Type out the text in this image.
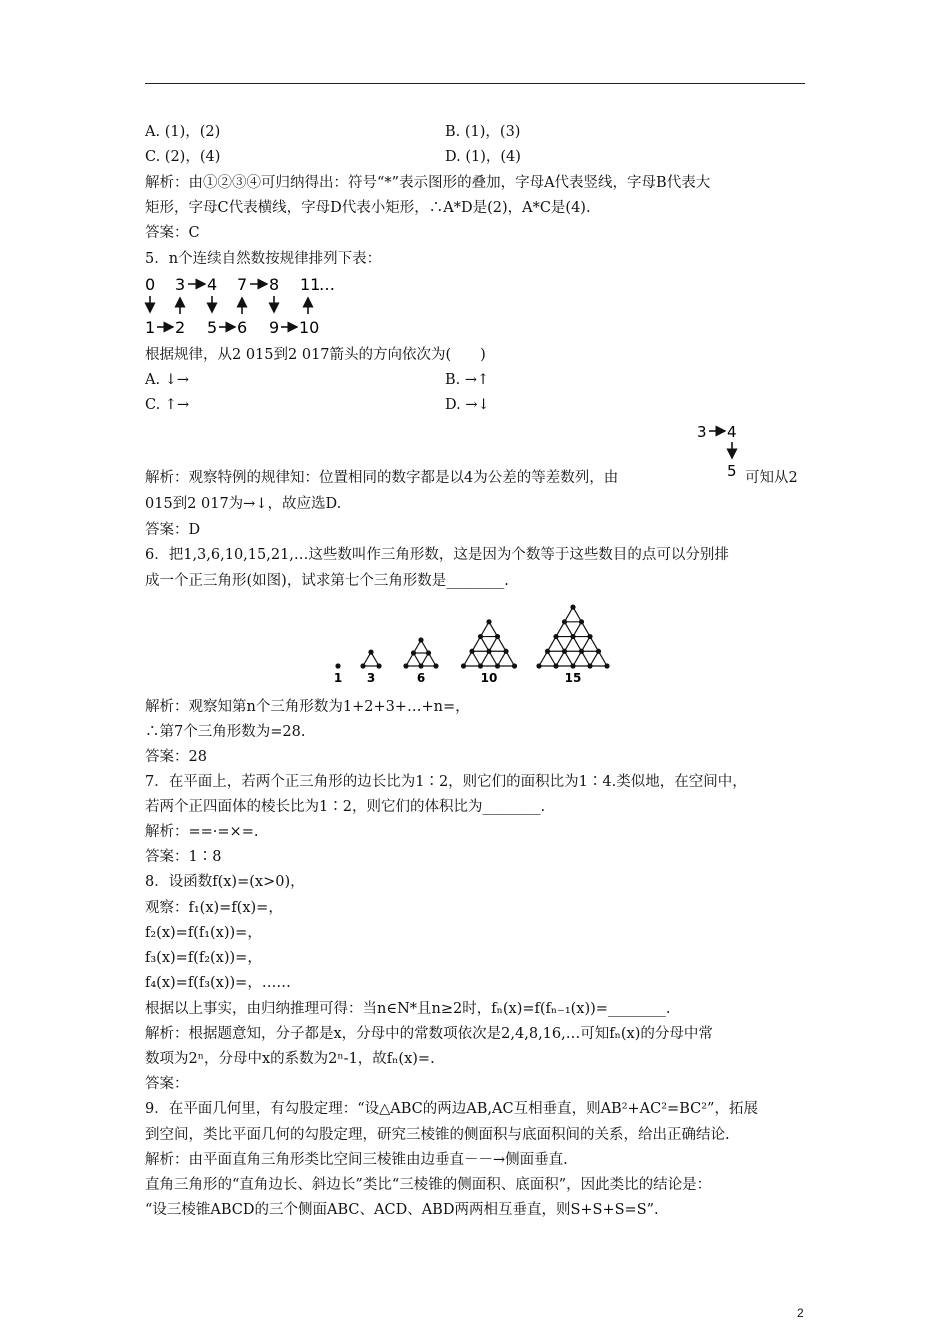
A. (1)，(2)	B. (1)，(3)
C. (2)，(4)	D. (1)，(4)
解析：由①②③④可归纳得出：符号“*”表示图形的叠加，字母A代表竖线，字母B代表大
矩形，字母C代表横线，字母D代表小矩形，∴A*D是(2)，A*C是(4).
答案：C
5．n个连续自然数按规律排列下表：
0 3 4 7 8 11
…
1 2 5 6 9 10
根据规律，从2 015到2 017箭头的方向依次为(　　)
A. ↓→	B. →↑
C. ↑→	D. →↓
3 4
5
解析：观察特例的规律知：位置相同的数字都是以4为公差的等差数列，由	可知从2
015到2 017为→↓，故应选D.
答案：D
6．把1,3,6,10,15,21,…这些数叫作三角形数，这是因为个数等于这些数目的点可以分别排
成一个正三角形(如图)，试求第七个三角形数是________.
1 3	6	10	15
解析：观察知第n个三角形数为1+2+3+…+n=，
∴第7个三角形数为=28.
答案：28
7．在平面上，若两个正三角形的边长比为1∶2，则它们的面积比为1∶4.类似地，在空间中，
若两个正四面体的棱长比为1∶2，则它们的体积比为________.
解析：==·=×=.
答案：1∶8
8．设函数f(x)=(x>0)，
观察：f₁(x)=f(x)=，
f₂(x)=f(f₁(x))=，
f₃(x)=f(f₂(x))=，
f₄(x)=f(f₃(x))=，……
根据以上事实，由归纳推理可得：当n∈N*且n≥2时，fₙ(x)=f(fₙ₋₁(x))=________.
解析：根据题意知，分子都是x，分母中的常数项依次是2,4,8,16,…可知fₙ(x)的分母中常
数项为2ⁿ，分母中x的系数为2ⁿ-1，故fₙ(x)=.
答案：
9．在平面几何里，有勾股定理：“设△ABC的两边AB,AC互相垂直，则AB²+AC²=BC²”，拓展
到空间，类比平面几何的勾股定理，研究三棱锥的侧面积与底面积间的关系，给出正确结论.
解析：由平面直角三角形类比空间三棱锥由边垂直－－→侧面垂直.
直角三角形的“直角边长、斜边长”类比“三棱锥的侧面积、底面积”，因此类比的结论是：
“设三棱锥ABCD的三个侧面ABC、ACD、ABD两两相互垂直，则S+S+S=S”.
2
